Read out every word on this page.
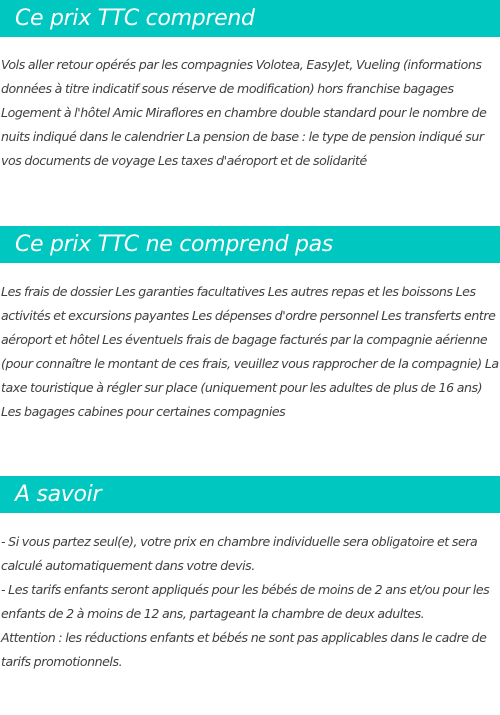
Ce prix TTC comprend
Vols aller retour opérés par les compagnies Volotea, EasyJet, Vueling (informations données à titre indicatif sous réserve de modification) hors franchise bagages Logement à l'hôtel Amic Miraflores en chambre double standard pour le nombre de nuits indiqué dans le calendrier La pension de base : le type de pension indiqué sur vos documents de voyage Les taxes d'aéroport et de solidarité
Ce prix TTC ne comprend pas
Les frais de dossier Les garanties facultatives Les autres repas et les boissons Les activités et excursions payantes Les dépenses d'ordre personnel Les transferts entre aéroport et hôtel Les éventuels frais de bagage facturés par la compagnie aérienne (pour connaître le montant de ces frais, veuillez vous rapprocher de la compagnie) La taxe touristique à régler sur place (uniquement pour les adultes de plus de 16 ans) Les bagages cabines pour certaines compagnies
A savoir
- Si vous partez seul(e), votre prix en chambre individuelle sera obligatoire et sera calculé automatiquement dans votre devis.
- Les tarifs enfants seront appliqués pour les bébés de moins de 2 ans et/ou pour les enfants de 2 à moins de 12 ans, partageant la chambre de deux adultes.
Attention : les réductions enfants et bébés ne sont pas applicables dans le cadre de tarifs promotionnels.
